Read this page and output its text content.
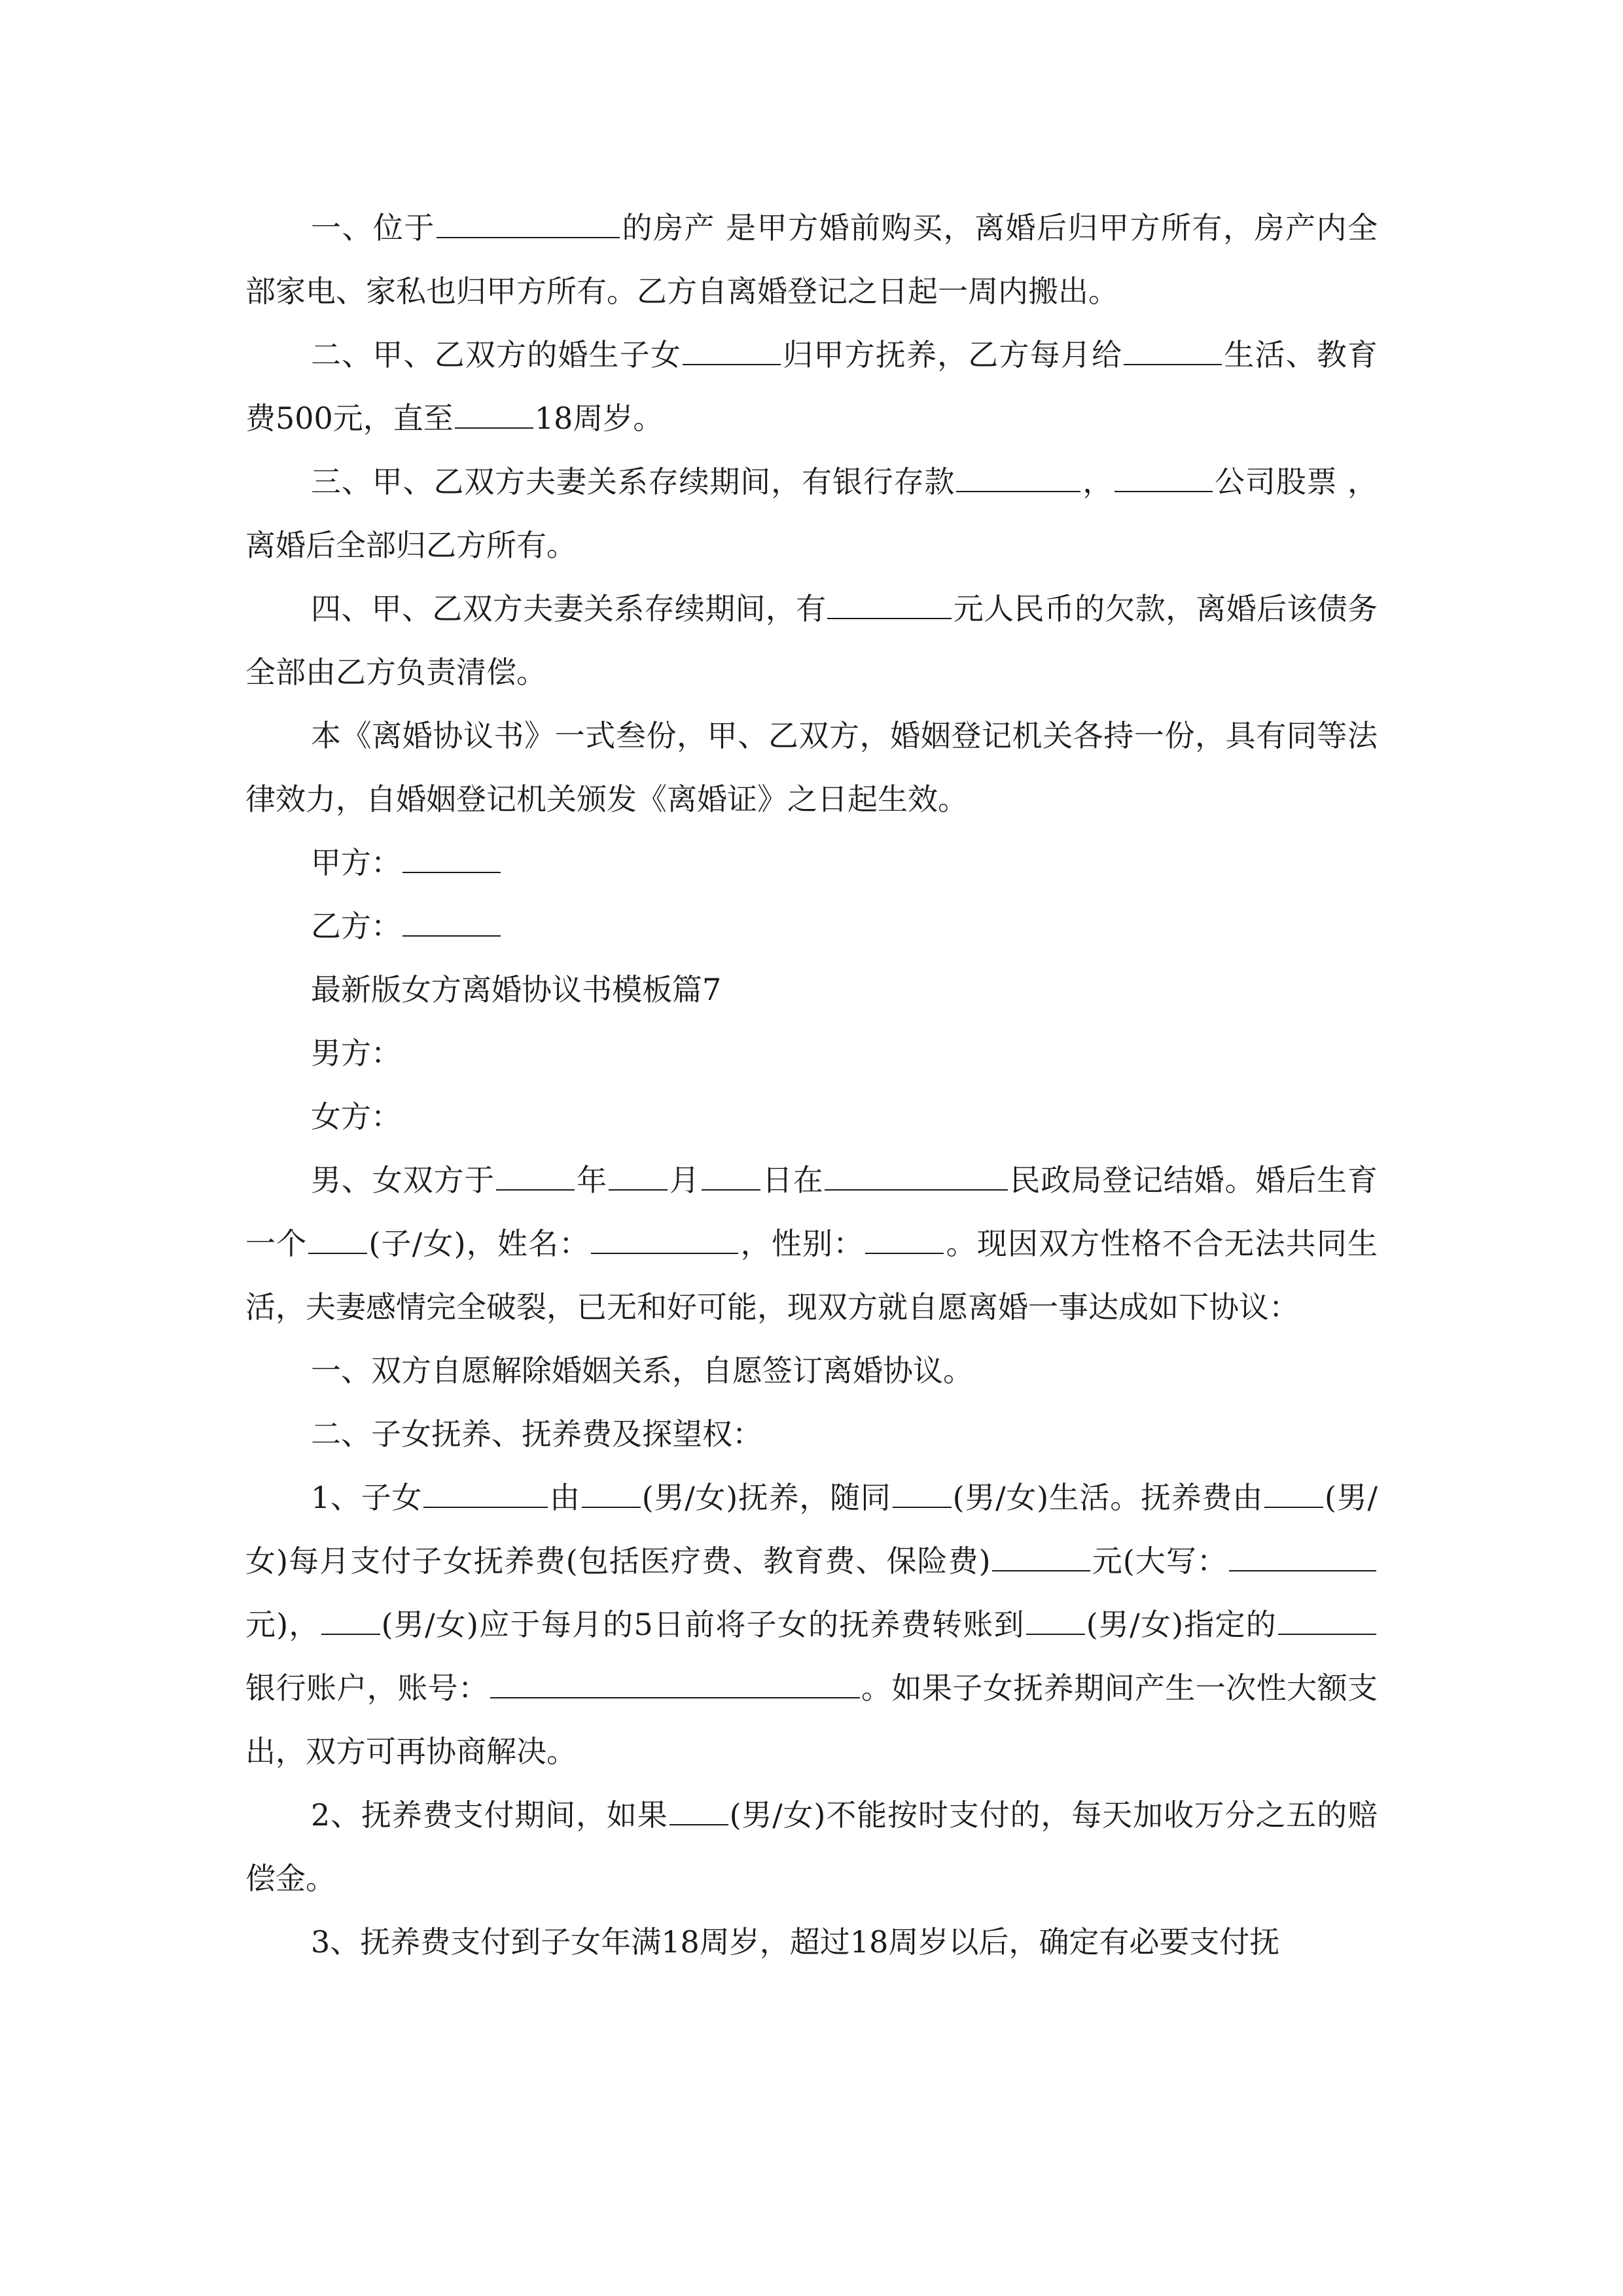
一、位于	的房产 是甲方婚前购买，离婚后归甲方所有，房产内全部家电、家私也归甲方所有。乙方自离婚登记之日起一周内搬出。

二、甲、乙双方的婚生子女	归甲方抚养，乙方每月给	生活、教育费500元，直至	18周岁。

三、甲、乙双方夫妻关系存续期间，有银行存款	，	公司股票 ，离婚后全部归乙方所有。

四、甲、乙双方夫妻关系存续期间，有	元人民币的欠款，离婚后该债务全部由乙方负责清偿。

本《离婚协议书》一式叁份，甲、乙双方，婚姻登记机关各持一份，具有同等法律效力，自婚姻登记机关颁发《离婚证》之日起生效。

甲方：

乙方：

最新版女方离婚协议书模板篇7

男方：

女方：

男、女双方于	年 月 日在	民政局登记结婚。婚后生育一个 (子/女)，姓名：	，性别：	。现因双方性格不合无法共同生活，夫妻感情完全破裂，已无和好可能，现双方就自愿离婚一事达成如下协议：

一、双方自愿解除婚姻关系，自愿签订离婚协议。

二、子女抚养、抚养费及探望权：

1、子女	由 (男/女)抚养，随同 (男/女)生活。抚养费由 (男/女)每月支付子女抚养费(包括医疗费、教育费、保险费)	元(大写：元)， (男/女)应于每月的5日前将子女的抚养费转账到 (男/女)指定的银行账户，账号：	。如果子女抚养期间产生一次性大额支出，双方可再协商解决。

2、抚养费支付期间，如果 (男/女)不能按时支付的，每天加收万分之五的赔偿金。

3、抚养费支付到子女年满18周岁，超过18周岁以后，确定有必要支付抚
